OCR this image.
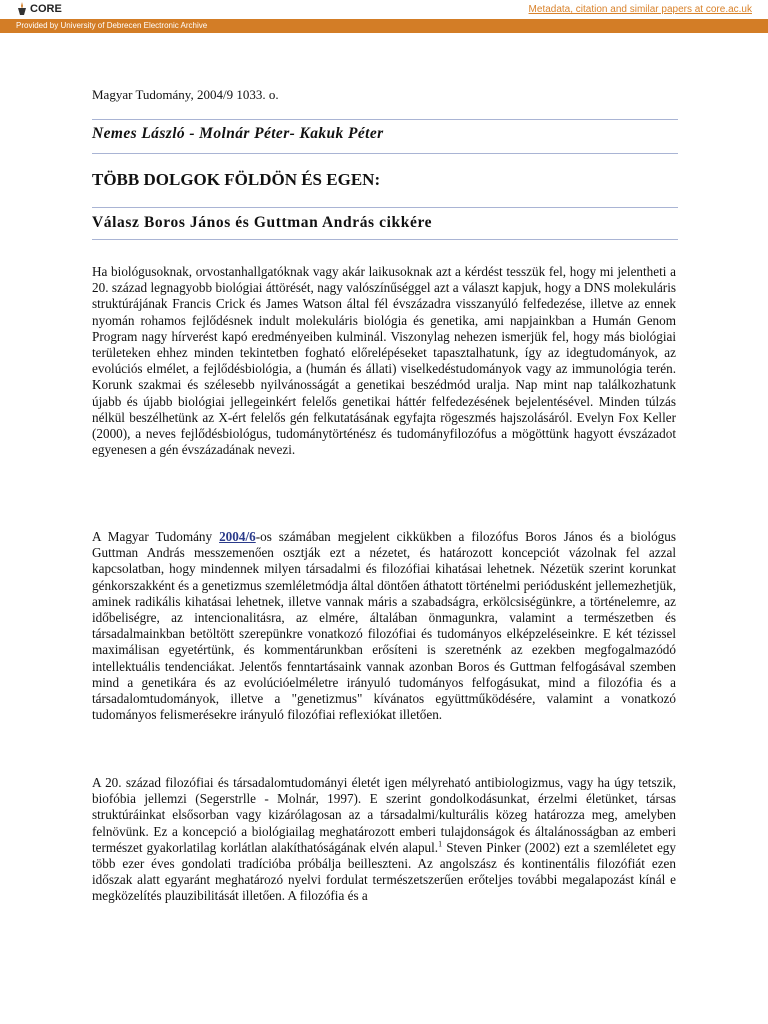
CORE	Metadata, citation and similar papers at core.ac.uk
Provided by University of Debrecen Electronic Archive
Magyar Tudomány, 2004/9 1033. o.
Nemes László - Molnár Péter- Kakuk Péter
TÖBB DOLGOK FÖLDÖN ÉS EGEN:
Válasz Boros János és Guttman András cikkére

Ha biológusoknak, orvostanhallgatóknak vagy akár laikusoknak azt a kérdést tesszük fel, hogy mi jelentheti a 20. század legnagyobb biológiai áttörését, nagy valószínűséggel azt a választ kapjuk, hogy a DNS molekuláris struktúrájának Francis Crick és James Watson által fél évszázadra visszanyúló felfedezése, illetve az ennek nyomán rohamos fejlődésnek indult molekuláris biológia és genetika, ami napjainkban a Humán Genom Program nagy hírverést kapó eredményeiben kulminál. Viszonylag nehezen ismerjük fel, hogy más biológiai területeken ehhez minden tekintetben fogható előrelépéseket tapasztalhatunk, így az idegtudományok, az evolúciós elmélet, a fejlődésbiológia, a (humán és állati) viselkedéstudományok vagy az immunológia terén. Korunk szakmai és szélesebb nyilvánosságát a genetikai beszédmód uralja. Nap mint nap találkozhatunk újabb és újabb biológiai jellegeinkért felelős genetikai háttér felfedezésének bejelentésével. Minden túlzás nélkül beszélhetünk az X-ért felelős gén felkutatásának egyfajta rögeszmés hajszolásáról. Evelyn Fox Keller (2000), a neves fejlődésbiológus, tudománytörténész és tudományfilozófus a mögöttünk hagyott évszázadot egyenesen a gén évszázadának nevezi.

A Magyar Tudomány 2004/6-os számában megjelent cikkükben a filozófus Boros János és a biológus Guttman András messzemenően osztják ezt a nézetet, és határozott koncepciót vázolnak fel azzal kapcsolatban, hogy mindennek milyen társadalmi és filozófiai kihatásai lehetnek. Nézetük szerint korunkat génkorszakként és a genetizmus szemléletmódja által döntően áthatott történelmi periódusként jellemezhetjük, aminek radikális kihatásai lehetnek, illetve vannak máris a szabadságra, erkölcsiségünkre, a történelemre, az időbeliségre, az intencionalitásra, az elmére, általában önmagunkra, valamint a természetben és társadalmainkban betöltött szerepünkre vonatkozó filozófiai és tudományos elképzeléseinkre. E két tézissel maximálisan egyetértünk, és kommentárunkban erősíteni is szeretnénk az ezekben megfogalmazódó intellektuális tendenciákat. Jelentős fenntartásaink vannak azonban Boros és Guttman felfogásával szemben mind a genetikára és az evolúcióelméletre irányuló tudományos felfogásukat, mind a filozófia és a társadalomtudományok, illetve a "genetizmus" kívánatos együttműködésére, valamint a vonatkozó tudományos felismerésekre irányuló filozófiai reflexiókat illetően.

A 20. század filozófiai és társadalomtudományi életét igen mélyreható antibiologizmus, vagy ha úgy tetszik, biofóbia jellemzi (Segerstrlle - Molnár, 1997). E szerint gondolkodásunkat, érzelmi életünket, társas struktúráinkat elsősorban vagy kizárólagosan az a társadalmi/kulturális közeg határozza meg, amelyben felnövünk. Ez a koncepció a biológiailag meghatározott emberi tulajdonságok és általánosságban az emberi természet gyakorlatilag korlátlan alakíthatóságának elvén alapul.$^1$ Steven Pinker (2002) ezt a szemléletet egy több ezer éves gondolati tradícióba próbálja beilleszteni. Az angolszász és kontinentális filozófiát ezen időszak alatt egyaránt meghatározó nyelvi fordulat természetszerűen erőteljes további megalapozást kínál e megközelítés plauzibilitását illetően. A filozófia és a
